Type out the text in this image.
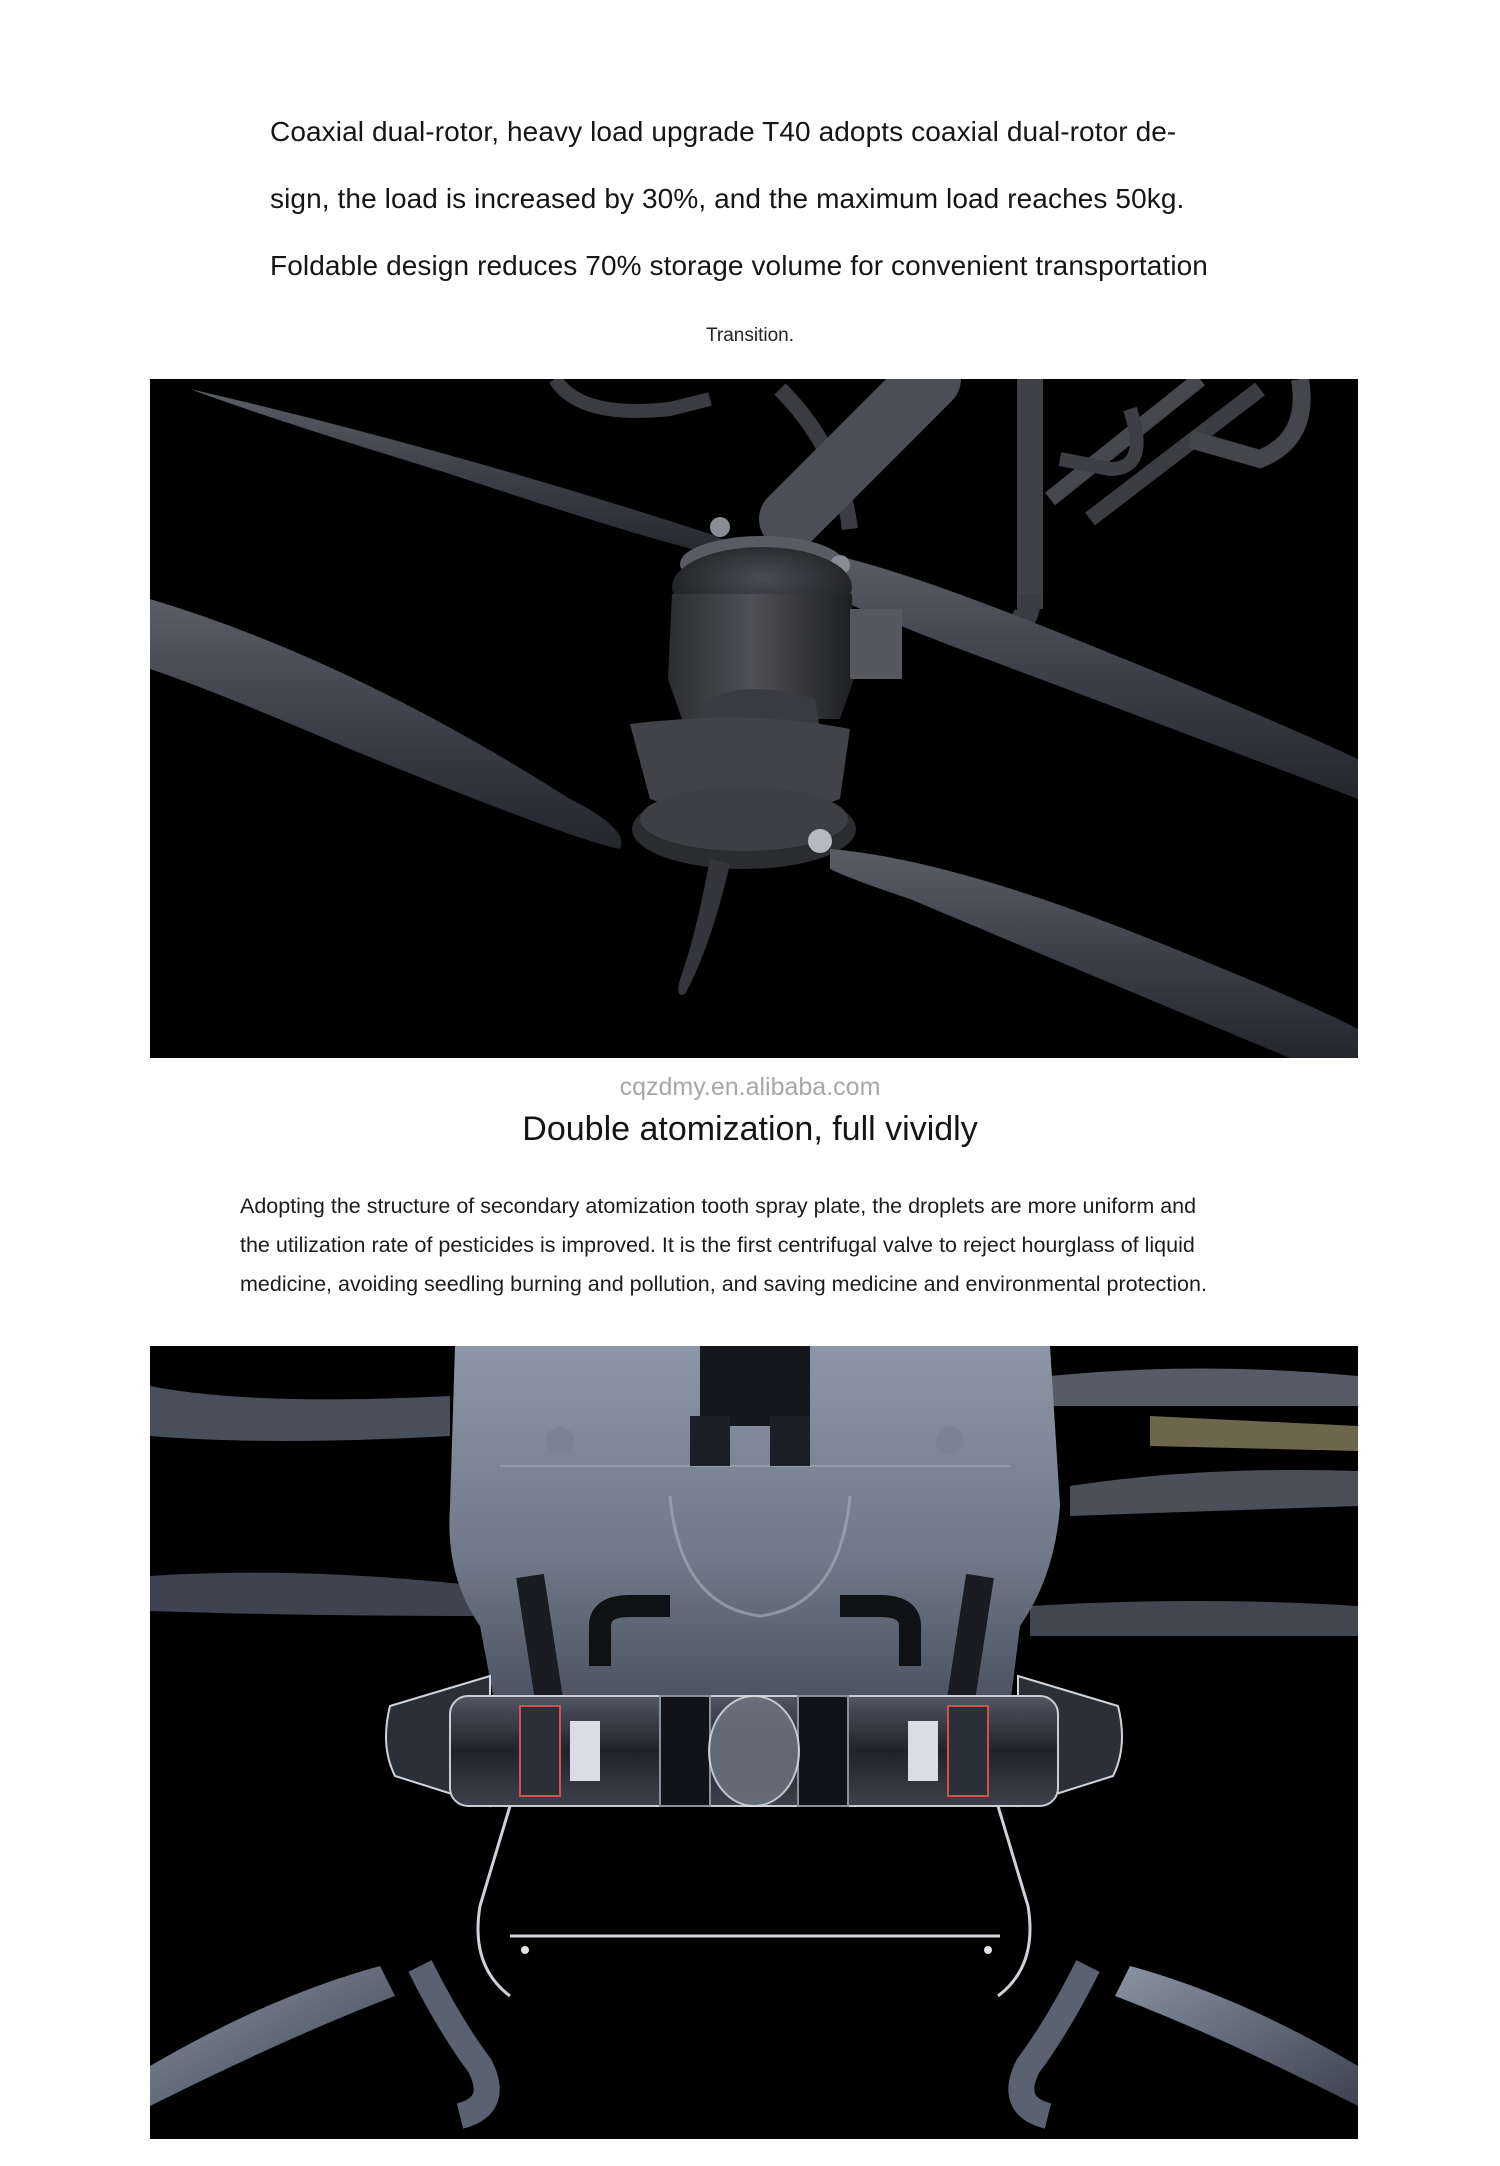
Coaxial dual-rotor, heavy load upgrade T40 adopts coaxial dual-rotor de-
sign, the load is increased by 30%, and the maximum load reaches 50kg.
Foldable design reduces 70% storage volume for convenient transportation
Transition.
cqzdmy.en.alibaba.com
Double atomization, full vividly
Adopting the structure of secondary atomization tooth spray plate, the droplets are more uniform and
the utilization rate of pesticides is improved. It is the first centrifugal valve to reject hourglass of liquid
medicine, avoiding seedling burning and pollution, and saving medicine and environmental protection.
